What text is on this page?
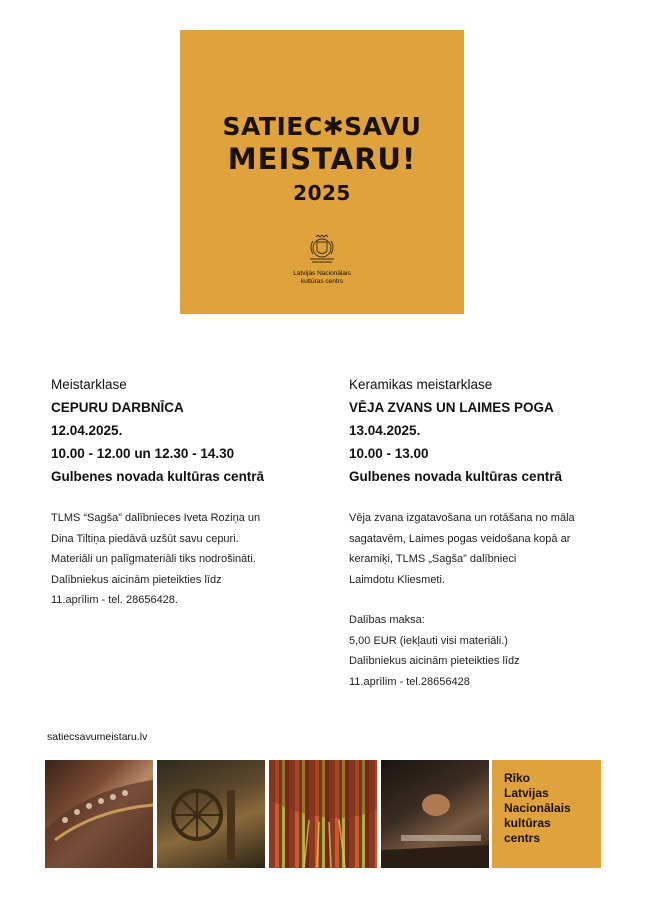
SATIEC✱SAVU
MEISTARU!
2025
Latvijas Nacionālais
kultūras centrs
Meistarklase
CEPURU DARBNĪCA
12.04.2025.
10.00 - 12.00 un 12.30 - 14.30
Gulbenes novada kultūras centrā

TLMS “Sagša” dalībnieces Iveta Roziņa un

Dina Tiltiņa piedāvā uzšūt savu cepuri.

Materiāli un palīgmateriāli tiks nodrošināti.

Dalībniekus aicinām pieteikties līdz

11.aprīlim - tel. 28656428.

Keramikas meistarklase
VĒJA ZVANS UN LAIMES POGA
13.04.2025.
10.00 - 13.00
Gulbenes novada kultūras centrā

Vēja zvana izgatavošana un rotāšana no māla

sagatavēm, Laimes pogas veidošana kopā ar

keramiķi, TLMS „Sagša” dalībnieci

Laimdotu Kliesmeti.

Dalības maksa:

5,00 EUR (iekļauti visi materiāli.)

Dalībniekus aicinām pieteikties līdz

11.aprīlim - tel.28656428

satiecsavumeistaru.lv
Rīko
Latvijas
Nacionālais
kultūras
centrs
